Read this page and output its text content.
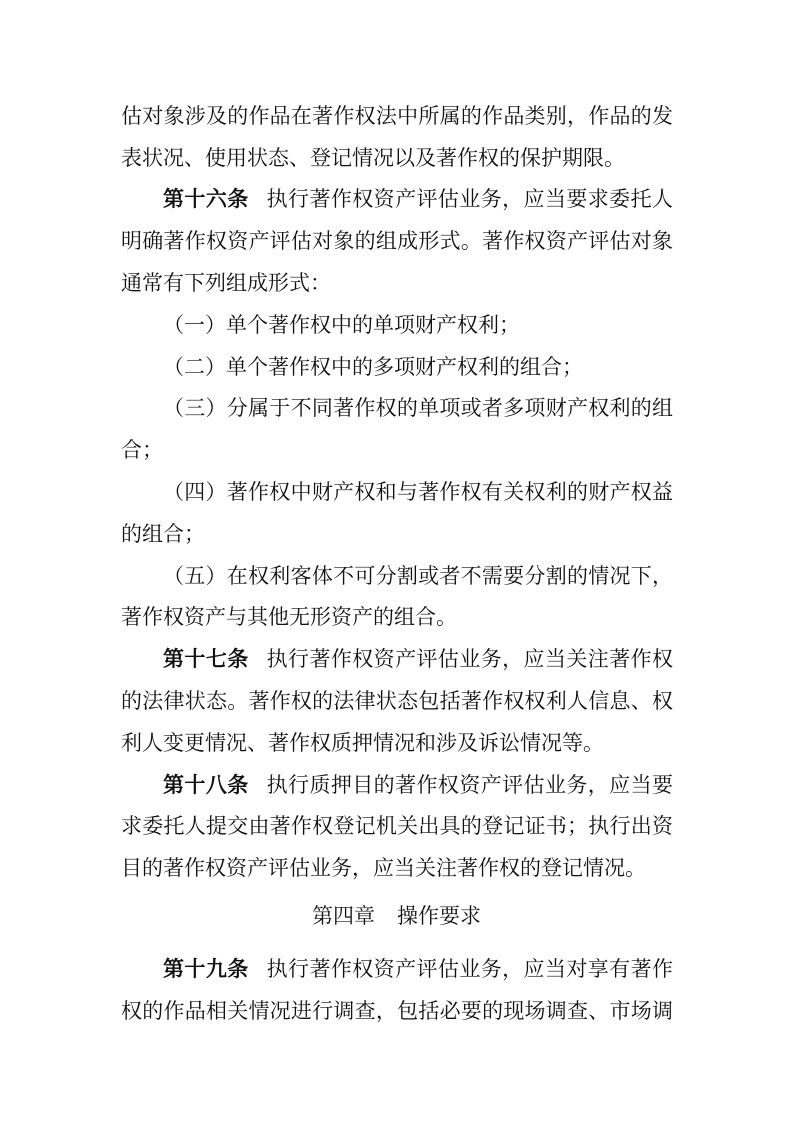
估对象涉及的作品在著作权法中所属的作品类别，作品的发
表状况、使用状态、登记情况以及著作权的保护期限。
第十六条 执行著作权资产评估业务，应当要求委托人
明确著作权资产评估对象的组成形式。著作权资产评估对象
通常有下列组成形式：
（一）单个著作权中的单项财产权利；
（二）单个著作权中的多项财产权利的组合；
（三）分属于不同著作权的单项或者多项财产权利的组
合；
（四）著作权中财产权和与著作权有关权利的财产权益
的组合；
（五）在权利客体不可分割或者不需要分割的情况下，
著作权资产与其他无形资产的组合。
第十七条 执行著作权资产评估业务，应当关注著作权
的法律状态。著作权的法律状态包括著作权权利人信息、权
利人变更情况、著作权质押情况和涉及诉讼情况等。
第十八条 执行质押目的著作权资产评估业务，应当要
求委托人提交由著作权登记机关出具的登记证书；执行出资
目的著作权资产评估业务，应当关注著作权的登记情况。
第四章 操作要求
第十九条 执行著作权资产评估业务，应当对享有著作
权的作品相关情况进行调查，包括必要的现场调查、市场调
